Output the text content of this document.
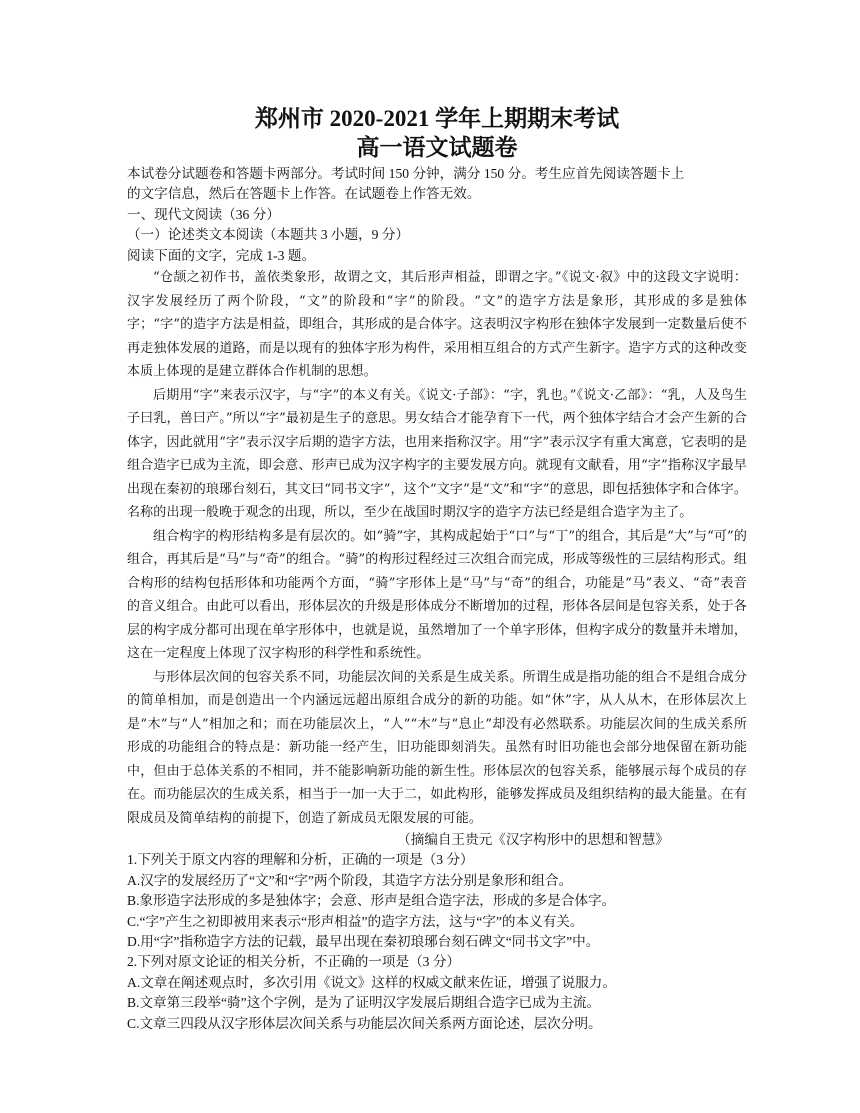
郑州市 2020-2021 学年上期期末考试
高一语文试题卷

本试卷分试题卷和答题卡两部分。考试时间 150 分钟，满分 150 分。考生应首先阅读答题卡上

的文字信息，然后在答题卡上作答。在试题卷上作答无效。

一、现代文阅读（36 分）

（一）论述类文本阅读（本题共 3 小题，9 分）

阅读下面的文字，完成 1-3 题。

“仓颉之初作书，盖依类象形，故谓之文，其后形声相益，即谓之字。”《说文·叙》中的这段文字说明：汉字发展经历了两个阶段，“文”的阶段和“字”的阶段。“文”的造字方法是象形，其形成的多是独体字；“字”的造字方法是相益，即组合，其形成的是合体字。这表明汉字构形在独体字发展到一定数量后使不再走独体发展的道路，而是以现有的独体字形为构件，采用相互组合的方式产生新字。造字方式的这种改变本质上体现的是建立群体合作机制的思想。

后期用“字”来表示汉字，与“字”的本义有关。《说文·子部》：“字，乳也。”《说文·乙部》：“乳，人及鸟生子曰乳，兽曰产。”所以“字”最初是生子的意思。男女结合才能孕育下一代，两个独体字结合才会产生新的合体字，因此就用“字”表示汉字后期的造字方法，也用来指称汉字。用“字”表示汉字有重大寓意，它表明的是组合造字已成为主流，即会意、形声已成为汉字构字的主要发展方向。就现有文献看，用“字”指称汉字最早出现在秦初的琅琊台刻石，其文曰“同书文字”，这个“文字”是“文”和“字”的意思，即包括独体字和合体字。名称的出现一般晚于观念的出现，所以，至少在战国时期汉字的造字方法已经是组合造字为主了。

组合构字的构形结构多是有层次的。如“骑”字，其构成起始于“口”与“丁”的组合，其后是“大”与“可”的组合，再其后是“马”与“奇”的组合。“骑”的构形过程经过三次组合而完成，形成等级性的三层结构形式。组合构形的结构包括形体和功能两个方面，“骑”字形体上是“马”与“奇”的组合，功能是“马”表义、“奇”表音的音义组合。由此可以看出，形体层次的升级是形体成分不断增加的过程，形体各层间是包容关系，处于各层的构字成分都可出现在单字形体中，也就是说，虽然增加了一个单字形体，但构字成分的数量并未增加，这在一定程度上体现了汉字构形的科学性和系统性。

与形体层次间的包容关系不同，功能层次间的关系是生成关系。所谓生成是指功能的组合不是组合成分的简单相加，而是创造出一个内涵远远超出原组合成分的新的功能。如“休”字，从人从木，在形体层次上是“木”与“人”相加之和；而在功能层次上，“人”“木”与“息止”却没有必然联系。功能层次间的生成关系所形成的功能组合的特点是：新功能一经产生，旧功能即刻消失。虽然有时旧功能也会部分地保留在新功能中，但由于总体关系的不相同，并不能影响新功能的新生性。形体层次的包容关系，能够展示每个成员的存在。而功能层次的生成关系，相当于一加一大于二，如此构形，能够发挥成员及组织结构的最大能量。在有限成员及简单结构的前提下，创造了新成员无限发展的可能。

（摘编自王贵元《汉字构形中的思想和智慧》

1.下列关于原文内容的理解和分析，正确的一项是（3 分）

A.汉字的发展经历了“文”和“字”两个阶段，其造字方法分别是象形和组合。

B.象形造字法形成的多是独体字；会意、形声是组合造字法，形成的多是合体字。

C.“字”产生之初即被用来表示“形声相益”的造字方法，这与“字”的本义有关。

D.用“字”指称造字方法的记载，最早出现在秦初琅琊台刻石碑文“同书文字”中。

2.下列对原文论证的相关分析，不正确的一项是（3 分）

A.文章在阐述观点时，多次引用《说文》这样的权威文献来佐证，增强了说服力。

B.文章第三段举“骑”这个字例，是为了证明汉字发展后期组合造字已成为主流。

C.文章三四段从汉字形体层次间关系与功能层次间关系两方面论述，层次分明。
